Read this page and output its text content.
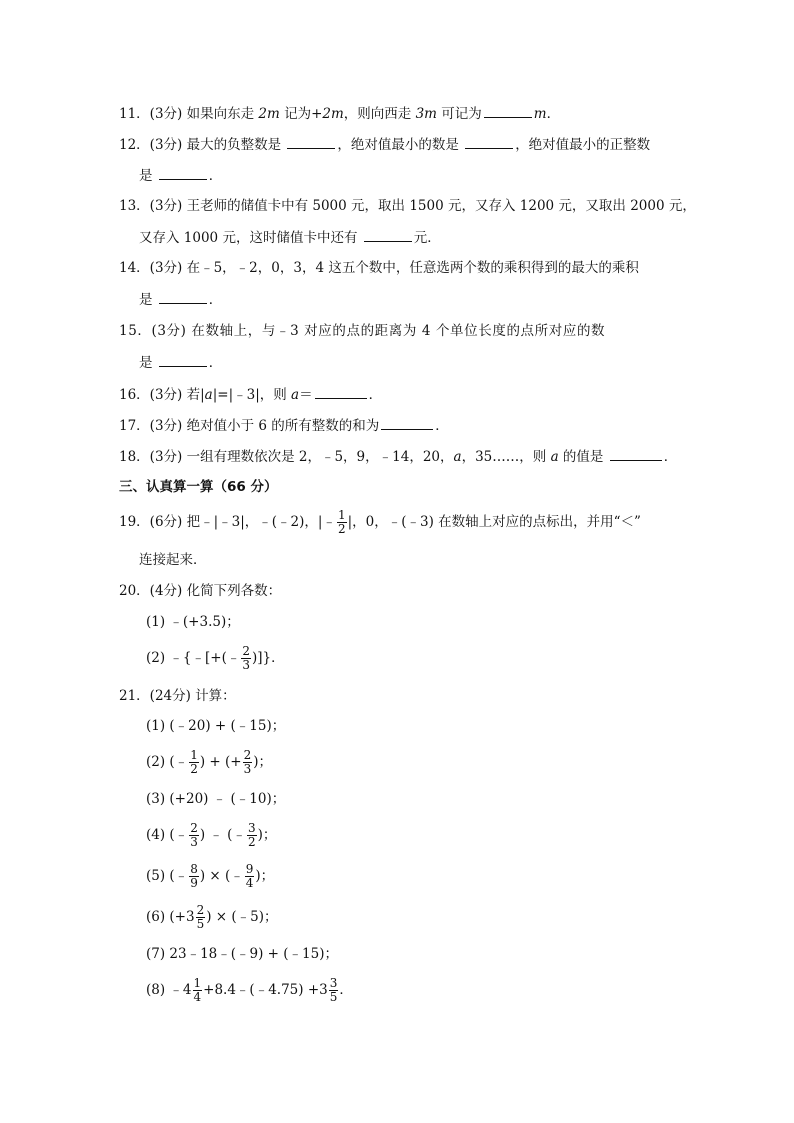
11．(3分) 如果向东走 2m 记为+2m，则向西走 3m 可记为	m．
12．(3分) 最大的负整数是	，绝对值最小的数是	，绝对值最小的正整数
是	．
13．(3分) 王老师的储值卡中有 5000 元，取出 1500 元，又存入 1200 元，又取出 2000 元，
又存入 1000 元，这时储值卡中还有	元．
14．(3分) 在﹣5，﹣2，0，3，4 这五个数中，任意选两个数的乘积得到的最大的乘积
是	．
15．(3分) 在数轴上，与﹣3 对应的点的距离为 4 个单位长度的点所对应的数
是	．
16．(3分) 若|a|=|﹣3|，则 a＝	．
17．(3分) 绝对值小于 6 的所有整数的和为	．
18．(3分) 一组有理数依次是 2，﹣5，9，﹣14，20，a，35……，则 a 的值是	．
三、认真算一算（66 分）
19．(6分) 把﹣|﹣3|，﹣(﹣2)，|﹣ $\frac{1}{2}$ |，0，﹣(﹣3) 在数轴上对应的点标出，并用“＜”
连接起来．
20．(4分) 化简下列各数：
(1) ﹣(+3.5)；
(2) ﹣{﹣[+(﹣ $\frac{2}{3}$ )]}．
21．(24分) 计算：
(1) (﹣20) + (﹣15)；
(2) (﹣ $\frac{1}{2}$ ) + (+ $\frac{2}{3}$ )；
(3) (+20) ﹣ (﹣10)；
(4) (﹣ $\frac{2}{3}$ ) ﹣ (﹣ $\frac{3}{2}$ )；
(5) (﹣ $\frac{8}{9}$ ) × (﹣ $\frac{9}{4}$ )；
(6) ($+3 \frac{2}{5}$ ) × (﹣5)；
(7) 23﹣18﹣(﹣9) + (﹣15)；
(8) ﹣4 $\frac{1}{4}$ +8.4﹣(﹣4.75) $+3 \frac{3}{5}$ ．
